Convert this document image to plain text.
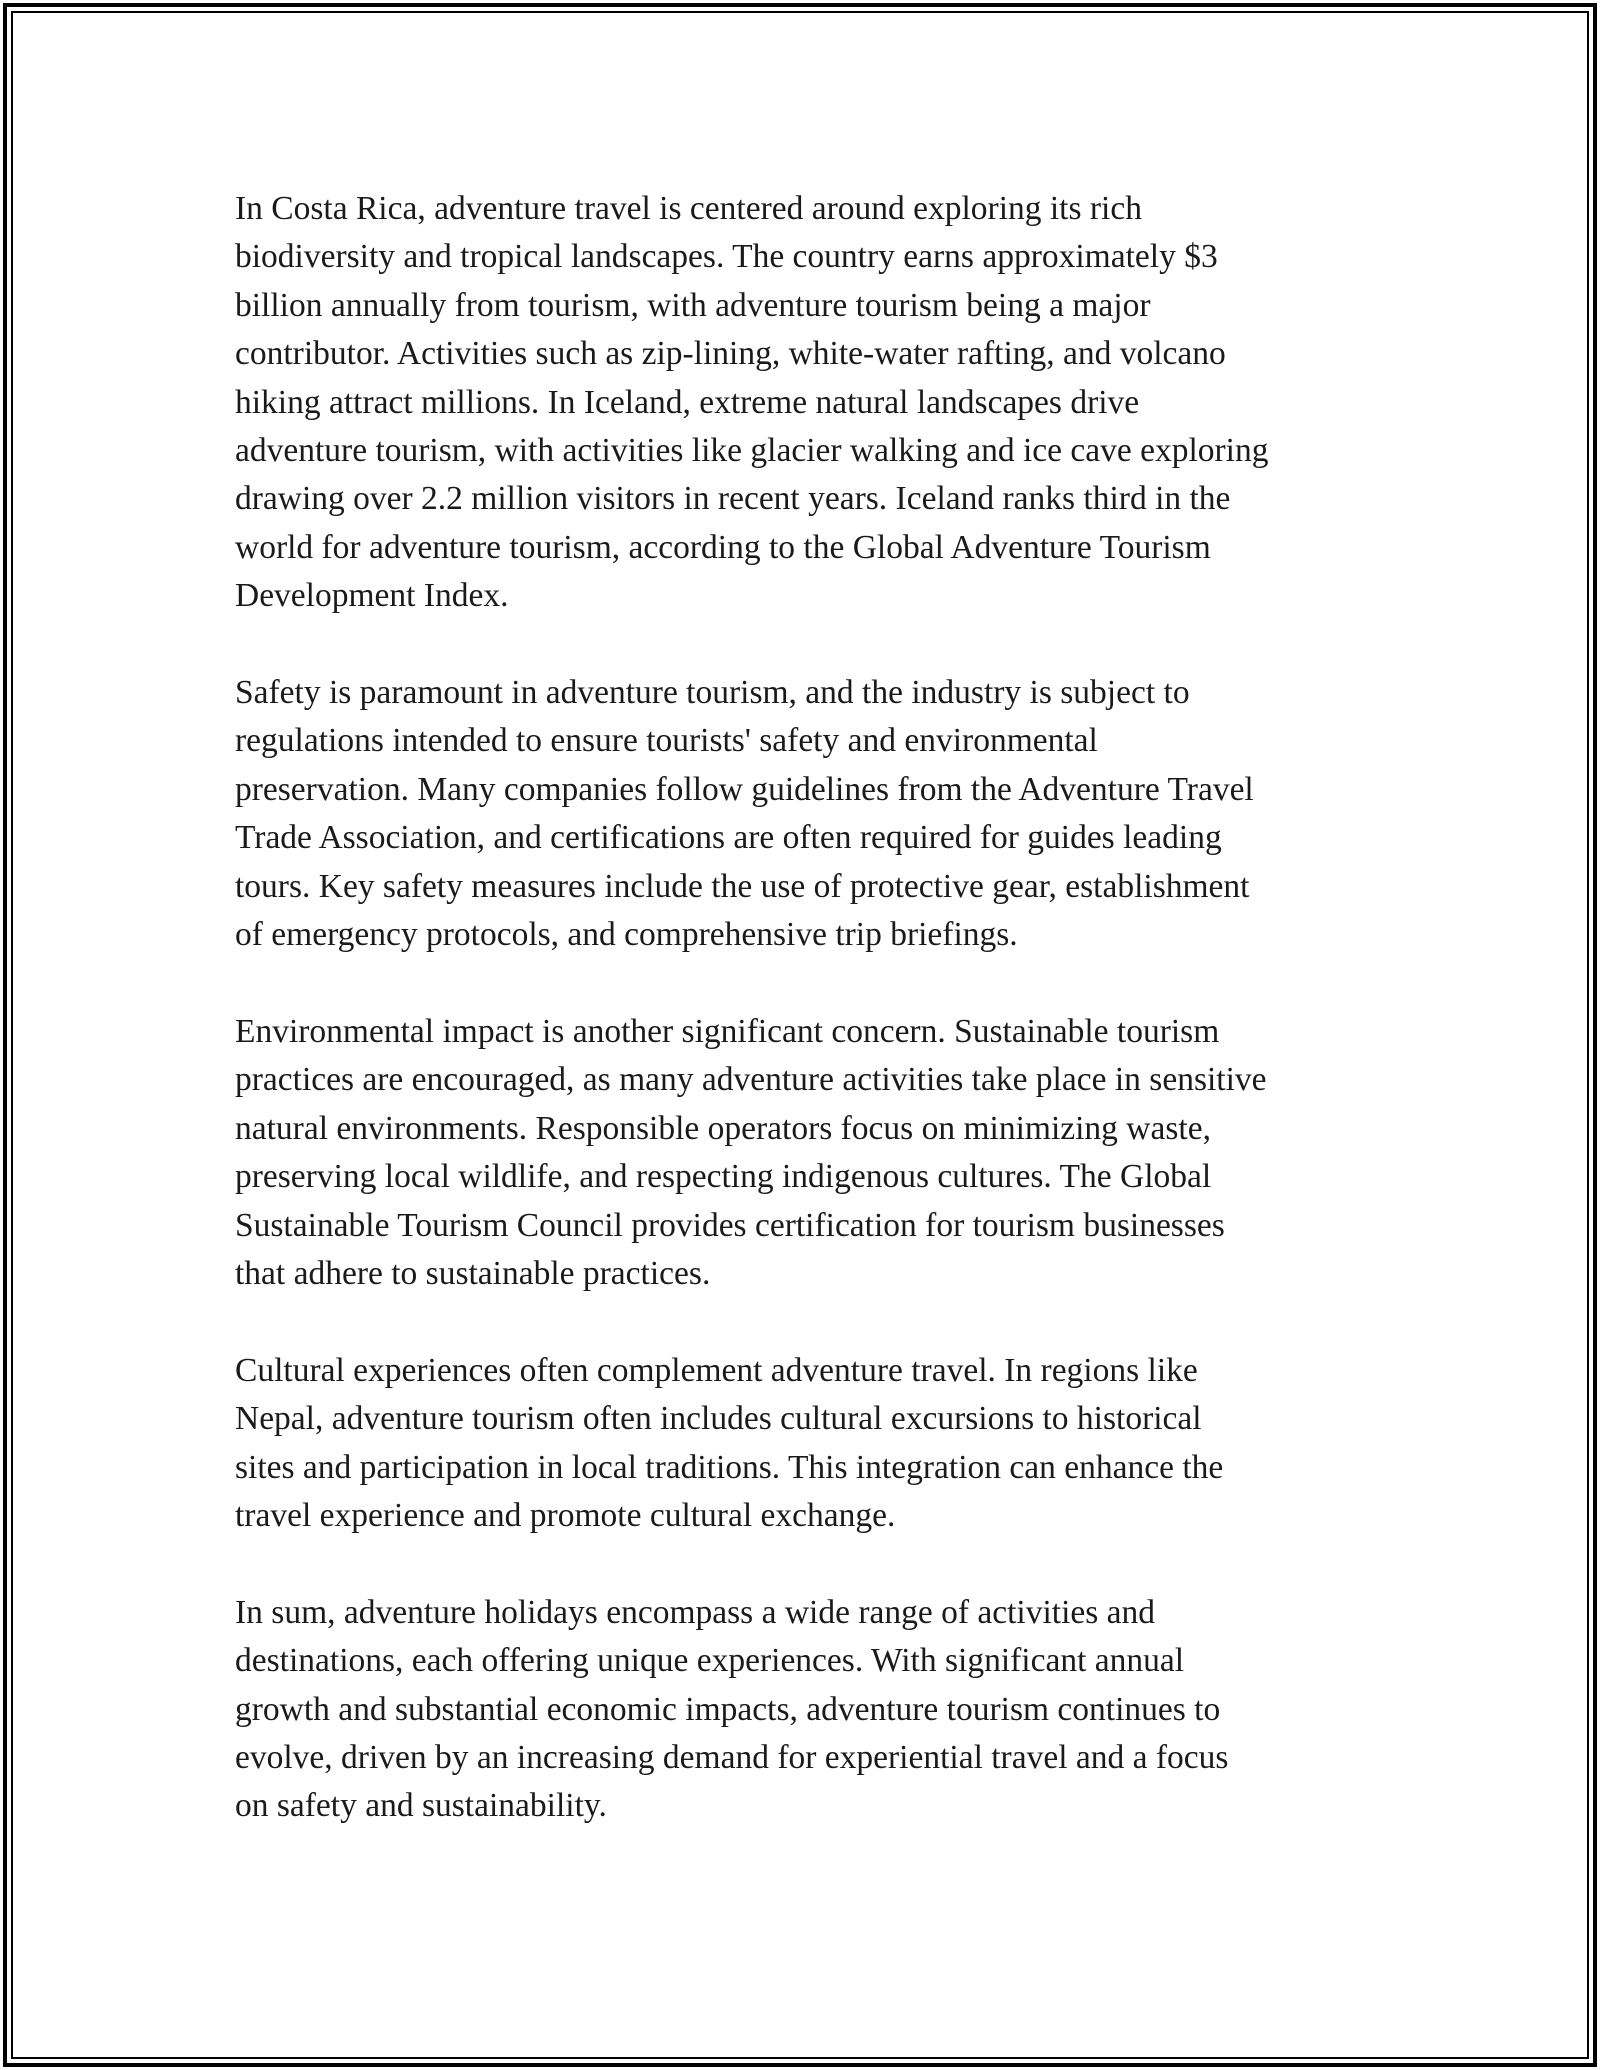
In Costa Rica, adventure travel is centered around exploring its rich
biodiversity and tropical landscapes. The country earns approximately $3
billion annually from tourism, with adventure tourism being a major
contributor. Activities such as zip-lining, white-water rafting, and volcano
hiking attract millions. In Iceland, extreme natural landscapes drive
adventure tourism, with activities like glacier walking and ice cave exploring
drawing over 2.2 million visitors in recent years. Iceland ranks third in the
world for adventure tourism, according to the Global Adventure Tourism
Development Index.

Safety is paramount in adventure tourism, and the industry is subject to
regulations intended to ensure tourists' safety and environmental
preservation. Many companies follow guidelines from the Adventure Travel
Trade Association, and certifications are often required for guides leading
tours. Key safety measures include the use of protective gear, establishment
of emergency protocols, and comprehensive trip briefings.

Environmental impact is another significant concern. Sustainable tourism
practices are encouraged, as many adventure activities take place in sensitive
natural environments. Responsible operators focus on minimizing waste,
preserving local wildlife, and respecting indigenous cultures. The Global
Sustainable Tourism Council provides certification for tourism businesses
that adhere to sustainable practices.

Cultural experiences often complement adventure travel. In regions like
Nepal, adventure tourism often includes cultural excursions to historical
sites and participation in local traditions. This integration can enhance the
travel experience and promote cultural exchange.

In sum, adventure holidays encompass a wide range of activities and
destinations, each offering unique experiences. With significant annual
growth and substantial economic impacts, adventure tourism continues to
evolve, driven by an increasing demand for experiential travel and a focus
on safety and sustainability.
